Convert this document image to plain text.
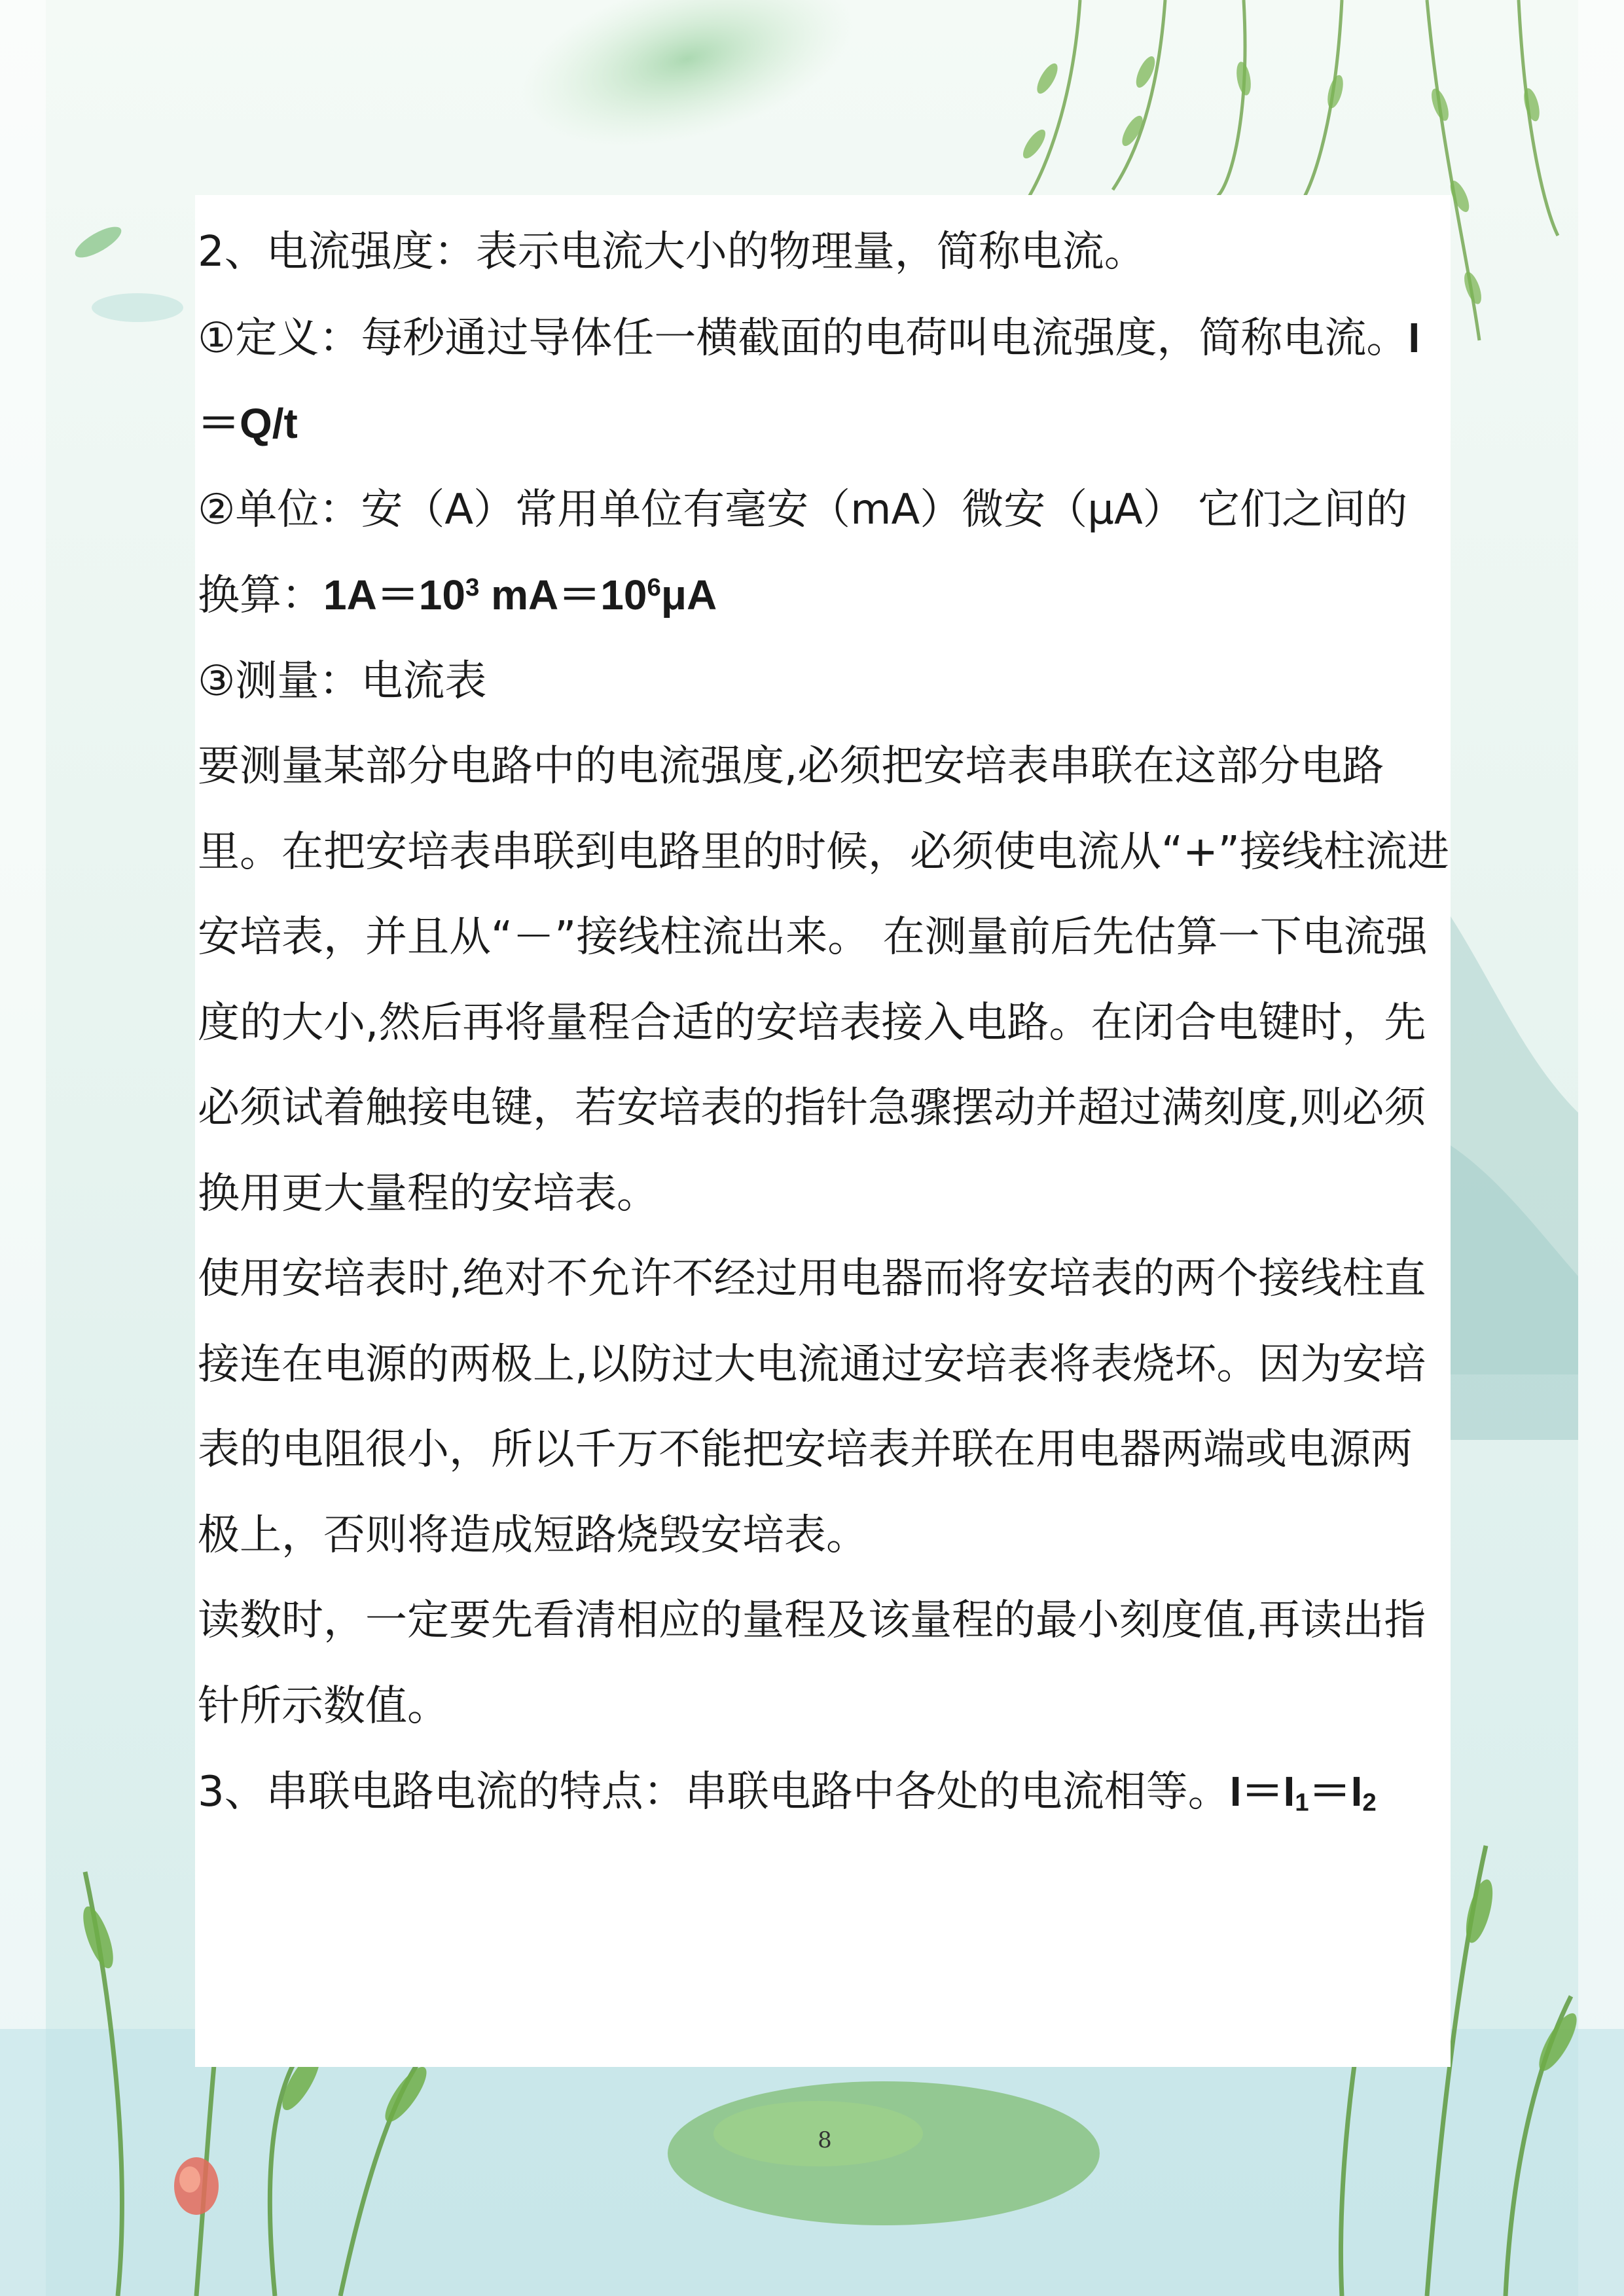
2、电流强度：表示电流大小的物理量，简称电流。

①定义：每秒通过导体任一横截面的电荷叫电流强度，简称电流。I＝Q/t

②单位：安（A）常用单位有毫安（mA）微安（μA） 它们之间的换算：$1A=10^3$ $mA=10^6\mu A$

③测量：电流表

要测量某部分电路中的电流强度,必须把安培表串联在这部分电路里。在把安培表串联到电路里的时候，必须使电流从“+”接线柱流进安培表，并且从“－”接线柱流出来。 在测量前后先估算一下电流强度的大小,然后再将量程合适的安培表接入电路。在闭合电键时，先必须试着触接电键，若安培表的指针急骤摆动并超过满刻度,则必须换用更大量程的安培表。

使用安培表时,绝对不允许不经过用电器而将安培表的两个接线柱直接连在电源的两极上,以防过大电流通过安培表将表烧坏。因为安培表的电阻很小，所以千万不能把安培表并联在用电器两端或电源两极上，否则将造成短路烧毁安培表。

读数时，一定要先看清相应的量程及该量程的最小刻度值,再读出指针所示数值。

3、串联电路电流的特点：串联电路中各处的电流相等。$I=I_1=I_2$

8
